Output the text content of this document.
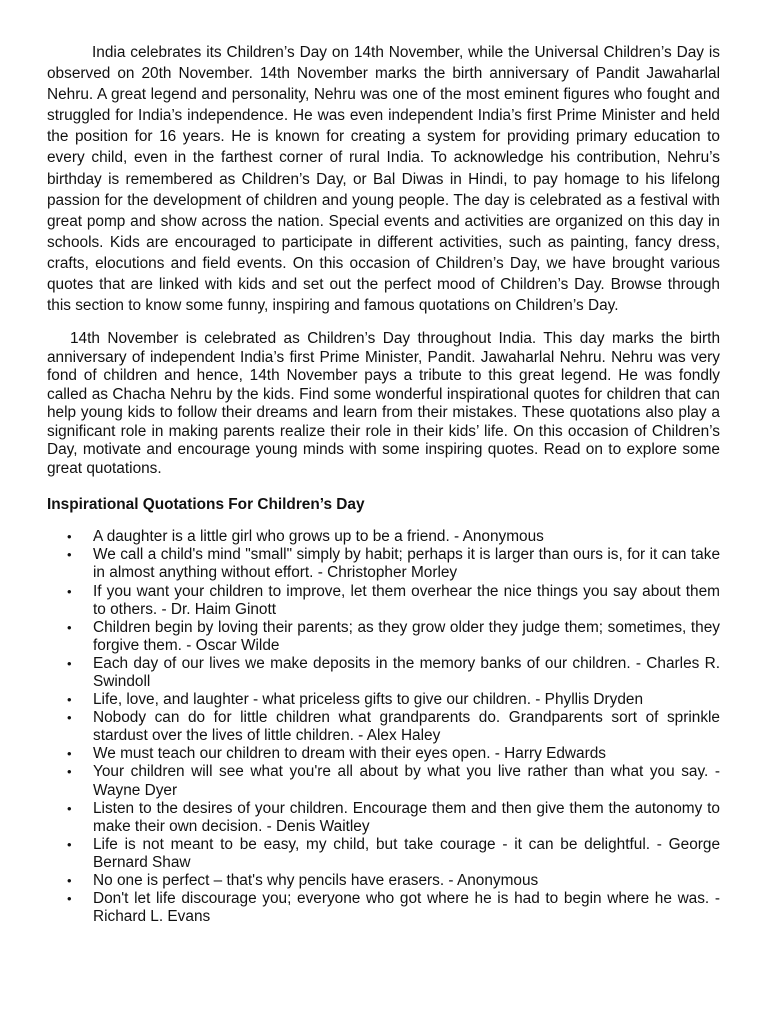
India celebrates its Children’s Day on 14th November, while the Universal Children’s Day is observed on 20th November. 14th November marks the birth anniversary of Pandit Jawaharlal Nehru. A great legend and personality, Nehru was one of the most eminent figures who fought and struggled for India’s independence. He was even independent India’s first Prime Minister and held the position for 16 years. He is known for creating a system for providing primary education to every child, even in the farthest corner of rural India. To acknowledge his contribution, Nehru’s birthday is remembered as Children’s Day, or Bal Diwas in Hindi, to pay homage to his lifelong passion for the development of children and young people. The day is celebrated as a festival with great pomp and show across the nation. Special events and activities are organized on this day in schools. Kids are encouraged to participate in different activities, such as painting, fancy dress, crafts, elocutions and field events. On this occasion of Children’s Day, we have brought various quotes that are linked with kids and set out the perfect mood of Children’s Day. Browse through this section to know some funny, inspiring and famous quotations on Children’s Day.

14th November is celebrated as Children’s Day throughout India. This day marks the birth anniversary of independent India’s first Prime Minister, Pandit. Jawaharlal Nehru. Nehru was very fond of children and hence, 14th November pays a tribute to this great legend. He was fondly called as Chacha Nehru by the kids. Find some wonderful inspirational quotes for children that can help young kids to follow their dreams and learn from their mistakes. These quotations also play a significant role in making parents realize their role in their kids’ life. On this occasion of Children’s Day, motivate and encourage young minds with some inspiring quotes. Read on to explore some great quotations.

Inspirational Quotations For Children’s Day
• A daughter is a little girl who grows up to be a friend. - Anonymous
• We call a child's mind "small" simply by habit; perhaps it is larger than ours is, for it can take in almost anything without effort. - Christopher Morley
• If you want your children to improve, let them overhear the nice things you say about them to others. - Dr. Haim Ginott
• Children begin by loving their parents; as they grow older they judge them; sometimes, they forgive them. - Oscar Wilde
• Each day of our lives we make deposits in the memory banks of our children. - Charles R. Swindoll
• Life, love, and laughter - what priceless gifts to give our children. - Phyllis Dryden
• Nobody can do for little children what grandparents do. Grandparents sort of sprinkle stardust over the lives of little children. - Alex Haley
• We must teach our children to dream with their eyes open. - Harry Edwards
• Your children will see what you're all about by what you live rather than what you say. - Wayne Dyer
• Listen to the desires of your children. Encourage them and then give them the autonomy to make their own decision. - Denis Waitley
• Life is not meant to be easy, my child, but take courage - it can be delightful. - George Bernard Shaw
• No one is perfect – that's why pencils have erasers. - Anonymous
• Don't let life discourage you; everyone who got where he is had to begin where he was. - Richard L. Evans
